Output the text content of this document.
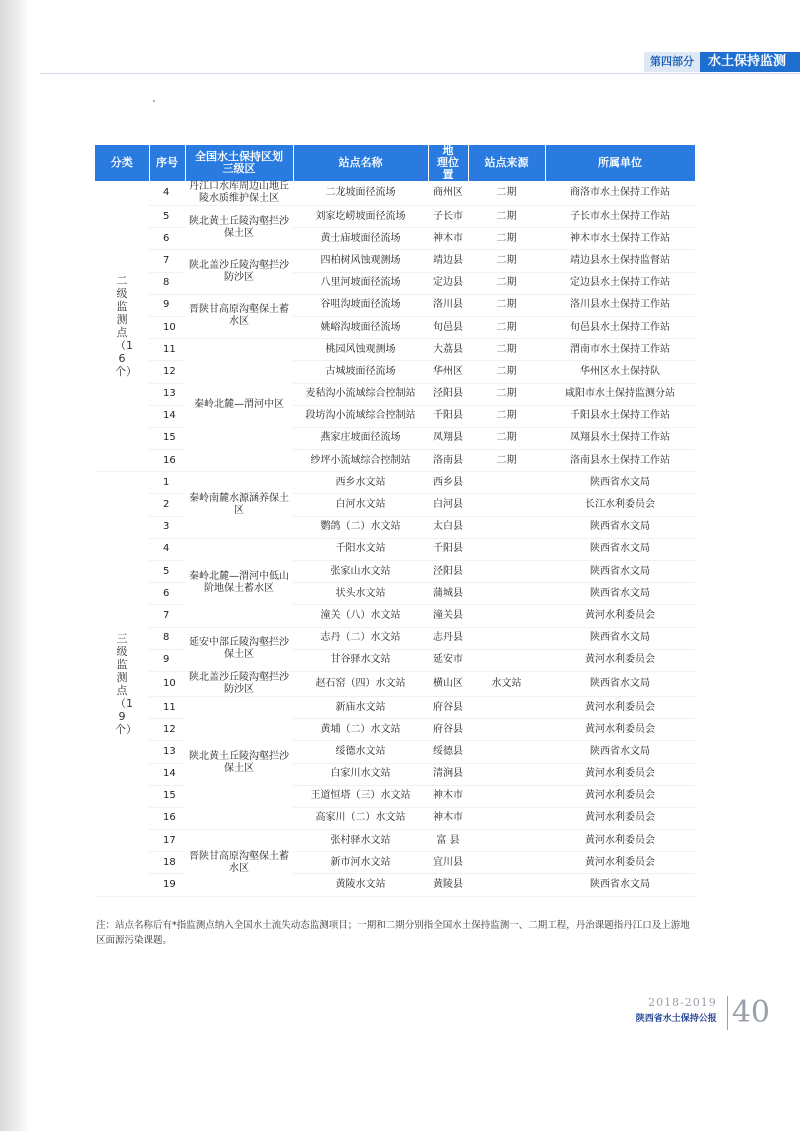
第四部分	水土保持监测
分类	序号	全国水土保持区划三级区	站点名称	地 理位 置	站点来源	所属单位
二级监测点（16个）	4	丹江口水库周边山地丘陵水质维护保土区	二龙坡面径流场	商州区	二期	商洛市水土保持工作站
	5	陕北黄土丘陵沟壑拦沙保土区	刘家圪崂坡面径流场	子长市	二期	子长市水土保持工作站
	6		黄士庙坡面径流场	神木市	二期	神木市水土保持工作站
	7	陕北盖沙丘陵沟壑拦沙防沙区	四柏树风蚀观测场	靖边县	二期	靖边县水土保持监督站
	8		八里河坡面径流场	定边县	二期	定边县水土保持工作站
	9	晋陕甘高原沟壑保土蓄水区	谷咀沟坡面径流场	洛川县	二期	洛川县水土保持工作站
	10		姚峪沟坡面径流场	旬邑县	二期	旬邑县水土保持工作站
	11	秦岭北麓—渭河中区	桃园风蚀观测场	大荔县	二期	渭南市水土保持工作站
	12		古城坡面径流场	华州区	二期	华州区水土保持队
	13		麦秸沟小流域综合控制站	泾阳县	二期	咸阳市水土保持监测分站
	14		段坊沟小流域综合控制站	千阳县	二期	千阳县水土保持工作站
	15		燕家庄坡面径流场	凤翔县	二期	凤翔县水土保持工作站
	16		纱坪小流域综合控制站	洛南县	二期	洛南县水土保持工作站
三级监测点（19个）	1	秦岭南麓水源涵养保土区	西乡水文站	西乡县		陕西省水文局
	2		白河水文站	白河县		长江水利委员会
	3		鹦鸽（二）水文站	太白县		陕西省水文局
	4	秦岭北麓—渭河中低山阶地保土蓄水区	千阳水文站	千阳县		陕西省水文局
	5		张家山水文站	泾阳县		陕西省水文局
	6		状头水文站	蒲城县		陕西省水文局
	7		潼关（八）水文站	潼关县		黄河水利委员会
	8	延安中部丘陵沟壑拦沙保土区	志丹（二）水文站	志丹县		陕西省水文局
	9		甘谷驿水文站	延安市		黄河水利委员会
	10	陕北盖沙丘陵沟壑拦沙防沙区	赵石窑（四）水文站	横山区	水文站	陕西省水文局
	11	陕北黄土丘陵沟壑拦沙保土区	新庙水文站	府谷县		黄河水利委员会
	12		黄埔（二）水文站	府谷县		黄河水利委员会
	13		绥德水文站	绥德县		陕西省水文局
	14		白家川水文站	清涧县		黄河水利委员会
	15		王道恒塔（三）水文站	神木市		黄河水利委员会
	16		高家川（二）水文站	神木市		黄河水利委员会
	17	晋陕甘高原沟壑保土蓄水区	张村驿水文站	富 县		黄河水利委员会
	18		新市河水文站	宜川县		黄河水利委员会
	19		黄陵水文站	黄陵县		陕西省水文局
注：站点名称后有*指监测点纳入全国水土流失动态监测项目；一期和二期分别指全国水土保持监测一、二期工程，丹治课题指丹江口及上游地区面源污染课题。
2018-2019
陕西省水土保持公报 40
